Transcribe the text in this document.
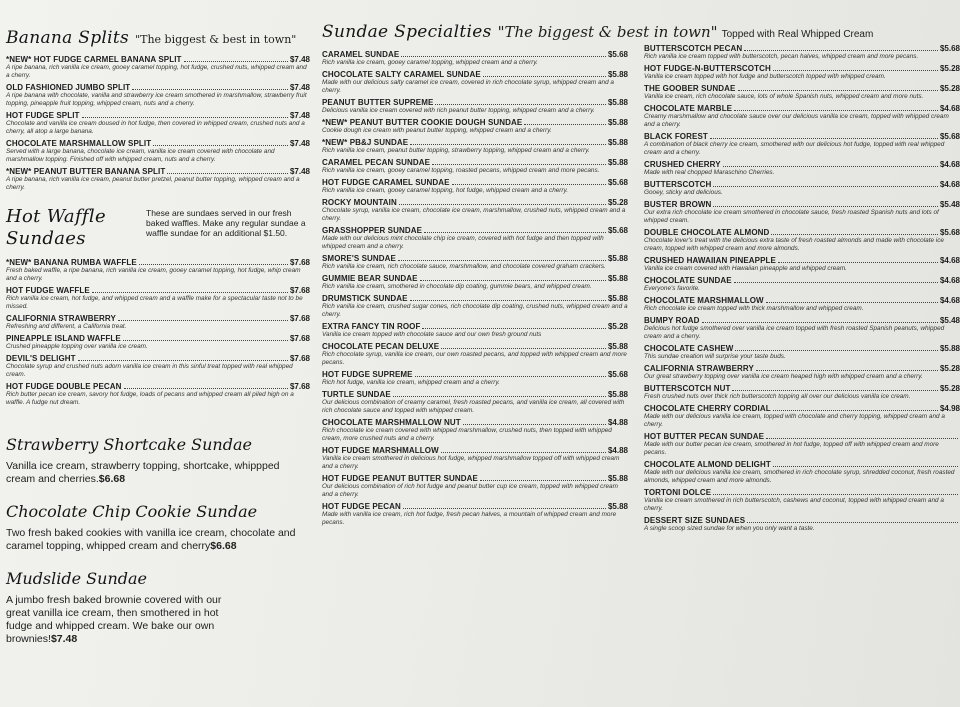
Banana Splits "The biggest & best in town"
*NEW* HOT FUDGE CARMEL BANANA SPLIT	$7.48
A ripe banana, rich vanilla ice cream, gooey caramel topping, hot fudge, crushed nuts, whipped cream and a cherry.
OLD FASHIONED JUMBO SPLIT	$7.48
A ripe banana with chocolate, vanilla and strawberry ice cream smothered in marshmallow, strawberry fruit topping, pineapple fruit topping, whipped cream, nuts and a cherry.
HOT FUDGE SPLIT	$7.48
Chocolate and vanilla ice cream doused in hot fudge, then covered in whipped cream, crushed nuts and a cherry, all atop a large banana.
CHOCOLATE MARSHMALLOW SPLIT	$7.48
Served with a large banana, chocolate ice cream, vanilla ice cream covered with chocolate and marshmallow topping. Finished off with whipped cream, nuts and a cherry.
*NEW* PEANUT BUTTER BANANA SPLIT	$7.48
A ripe banana, rich vanilla ice cream, peanut butter pretzel, peanut butter topping, whipped cream and a cherry.
Hot Waffle Sundaes
These are sundaes served in our fresh baked waffles. Make any regular sundae a waffle sundae for an additional $1.50.
*NEW* BANANA RUMBA WAFFLE	$7.68
Fresh baked waffle, a ripe banana, rich vanilla ice cream, gooey caramel topping, hot fudge, whip cream and a cherry.
HOT FUDGE WAFFLE	$7.68
Rich vanilla ice cream, hot fudge, and whipped cream and a waffle make for a spectacular taste not to be missed.
CALIFORNIA STRAWBERRY	$7.68
Refreshing and different, a California treat.
PINEAPPLE ISLAND WAFFLE	$7.68
Crushed pineapple topping over vanilla ice cream.
DEVIL'S DELIGHT	$7.68
Chocolate syrup and crushed nuts adorn vanilla ice cream in this sinful treat topped with real whipped cream.
HOT FUDGE DOUBLE PECAN	$7.68
Rich butter pecan ice cream, savory hot fudge, loads of pecans and whipped cream all piled high on a waffle. A fudge nut dream.
Strawberry Shortcake Sundae
Vanilla ice cream, strawberry topping, shortcake, whippped cream and cherries.$6.68
Chocolate Chip Cookie Sundae
Two fresh baked cookies with vanilla ice cream, chocolate and caramel topping, whipped cream and cherry$6.68
Mudslide Sundae
A jumbo fresh baked brownie covered with our great vanilla ice cream, then smothered in hot fudge and whipped cream. We bake our own brownies!$7.48
Sundae Specialties "The biggest & best in town" Topped with Real Whipped Cream
CARAMEL SUNDAE	$5.68
Rich vanilla ice cream, gooey caramel topping, whipped cream and a cherry.
CHOCOLATE SALTY CARAMEL SUNDAE	$5.88
Made with our delicious salty caramel ice cream, covered in rich chocolate syrup, whipped cream and a cherry.
PEANUT BUTTER SUPREME	$5.88
Delicious vanilla ice cream covered with rich peanut butter topping, whipped cream and a cherry.
*NEW* PEANUT BUTTER COOKIE DOUGH SUNDAE	$5.88
Cookie dough ice cream with peanut butter topping, whipped cream and a cherry.
*NEW* PB&J SUNDAE	$5.88
Rich vanilla ice cream, peanut butter topping, strawberry topping, whipped cream and a cherry.
CARAMEL PECAN SUNDAE	$5.88
Rich vanilla ice cream, gooey caramel topping, roasted pecans, whipped cream and more pecans.
HOT FUDGE CARAMEL SUNDAE	$5.68
Rich vanilla ice cream, gooey caramel topping, hot fudge, whipped cream and a cherry.
ROCKY MOUNTAIN	$5.28
Chocolate syrup, vanilla ice cream, chocolate ice cream, marshmallow, crushed nuts, whipped cream and a cherry.
GRASSHOPPER SUNDAE	$5.68
Made with our delicious mint chocolate chip ice cream, covered with hot fudge and then topped with whipped cream and a cherry.
SMORE'S SUNDAE	$5.88
Rich vanilla ice cream, rich chocolate sauce, marshmallow, and chocolate covered graham crackers.
GUMMIE BEAR SUNDAE	$5.88
Rich vanilla ice cream, smothered in chocolate dip coating, gummie bears, and whipped cream.
DRUMSTICK SUNDAE	$5.88
Rich vanilla ice cream, crushed sugar cones, rich chocolate dip coating, crushed nuts, whipped cream and a cherry.
EXTRA FANCY TIN ROOF	$5.28
Vanilla ice cream topped with chocolate sauce and our own fresh ground nuts
CHOCOLATE PECAN DELUXE	$5.88
Rich chocolate syrup, vanilla ice cream, our own roasted pecans, and topped with whipped cream and more pecans.
HOT FUDGE SUPREME	$5.68
Rich hot fudge, vanilla ice cream, whipped cream and a cherry.
TURTLE SUNDAE	$5.88
Our delicious combination of creamy caramel, fresh roasted pecans, and vanilla ice cream, all covered with rich chocolate sauce and topped with whipped cream.
CHOCOLATE MARSHMALLOW NUT	$4.88
Rich chocolate ice cream covered with whipped marshmallow, crushed nuts, then topped with whipped cream, more crushed nuts and a cherry.
HOT FUDGE MARSHMALLOW	$4.88
Vanilla ice cream smothered in delicious hot fudge, whipped marshmallow topped off with whipped cream and a cherry.
HOT FUDGE PEANUT BUTTER SUNDAE	$5.88
Our delicious combination of rich hot fudge and peanut butter cup ice cream, topped with whipped cream and a cherry.
HOT FUDGE PECAN	$5.88
Made with vanilla ice cream, rich hot fudge, fresh pecan halves, a mountain of whipped cream and more pecans.
BUTTERSCOTCH PECAN	$5.68
Rich vanilla ice cream topped with butterscotch, pecan halves, whipped cream and more pecans.
HOT FUDGE-N-BUTTERSCOTCH	$5.28
Vanilla ice cream topped with hot fudge and butterscotch topped with whipped cream.
THE GOOBER SUNDAE	$5.28
Vanilla ice cream, rich chocolate sauce, lots of whole Spanish nuts, whipped cream and more nuts.
CHOCOLATE MARBLE	$4.68
Creamy marshmallow and chocolate sauce over our delicious vanilla ice cream, topped with whipped cream and a cherry.
BLACK FOREST	$5.68
A combination of black cherry ice cream, smothered with our delicious hot fudge, topped with real whipped cream and a cherry.
CRUSHED CHERRY	$4.68
Made with real chopped Maraschino Cherries.
BUTTERSCOTCH	$4.68
Gooey, sticky and delicious.
BUSTER BROWN	$5.48
Our extra rich chocolate ice cream smothered in chocolate sauce, fresh roasted Spanish nuts and lots of whipped cream.
DOUBLE CHOCOLATE ALMOND	$5.68
Chocolate lover's treat with the delicious extra taste of fresh roasted almonds and made with chocolate ice cream, topped with whipped cream and more almonds.
CRUSHED HAWAIIAN PINEAPPLE	$4.68
Vanilla ice cream covered with Hawaiian pineapple and whipped cream.
CHOCOLATE SUNDAE	$4.68
Everyone's favorite.
CHOCOLATE MARSHMALLOW	$4.68
Rich chocolate ice cream topped with thick marshmallow and whipped cream.
BUMPY ROAD	$5.48
Delicious hot fudge smothered over vanilla ice cream topped with fresh roasted Spanish peanuts, whipped cream and a cherry.
CHOCOLATE CASHEW	$5.88
This sundae creation will surprise your taste buds.
CALIFORNIA STRAWBERRY	$5.28
Our great strawberry topping over vanilla ice cream heaped high with whipped cream and a cherry.
BUTTERSCOTCH NUT	$5.28
Fresh crushed nuts over thick rich butterscotch topping all over our delicious vanilla ice cream.
CHOCOLATE CHERRY CORDIAL	$4.98
Made with our delicious vanilla ice cream, topped with chocolate and cherry topping, whipped cream and a cherry.
HOT BUTTER PECAN SUNDAE
Made with our butter pecan ice cream, smothered in hot fudge, topped off with whipped cream and more pecans.
CHOCOLATE ALMOND DELIGHT
Made with our delicious vanilla ice cream, smothered in rich chocolate syrup, shredded coconut, fresh roasted almonds, whipped cream and more almonds.
TORTONI DOLCE
Vanilla ice cream smothered in rich butterscotch, cashews and coconut, topped with whipped cream and a cherry.
DESSERT SIZE SUNDAES
A single scoop sized sundae for when you only want a taste.
